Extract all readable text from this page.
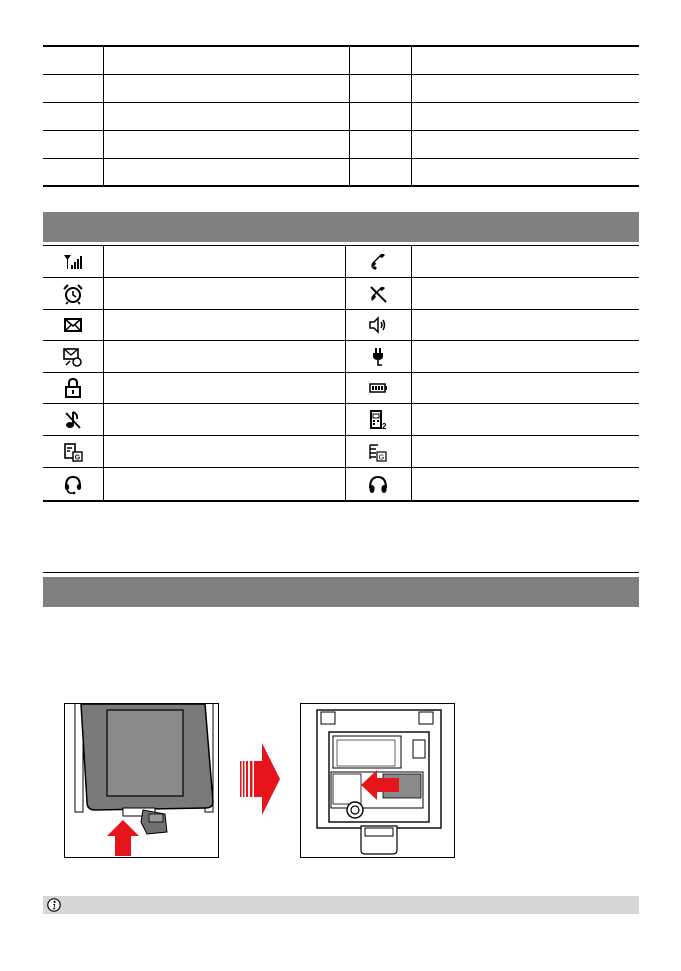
2
G	G
